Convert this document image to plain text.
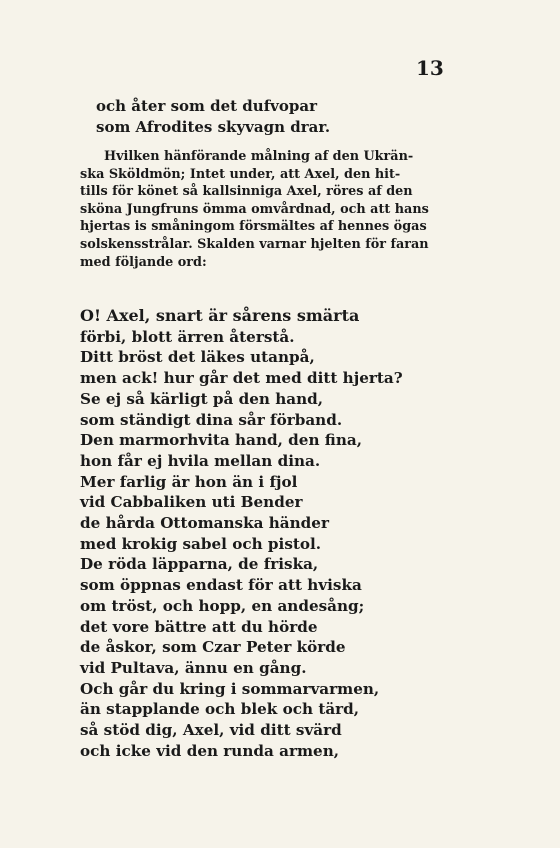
13
och åter som det dufvopar
som Afrodites skyvagn drar.
Hvilken hänförande målning af den Ukrän-
ska Sköldmön; Intet under, att Axel, den hit-
tills för könet så kallsinniga Axel, röres af den
sköna Jungfruns ömma omvårdnad, och att hans
hjertas is småningom försmältes af hennes ögas
solskensstrålar. Skalden varnar hjelten för faran
med följande ord:
O! Axel, snart är sårens smärta
förbi, blott ärren återstå.
Ditt bröst det läkes utanpå,
men ack! hur går det med ditt hjerta?
Se ej så kärligt på den hand,
som ständigt dina sår förband.
Den marmorhvita hand, den fina,
hon får ej hvila mellan dina.
Mer farlig är hon än i fjol
vid Cabbaliken uti Bender
de hårda Ottomanska händer
med krokig sabel och pistol.
De röda läpparna, de friska,
som öppnas endast för att hviska
om tröst, och hopp, en andesång;
det vore bättre att du hörde
de åskor, som Czar Peter körde
vid Pultava, ännu en gång.
Och går du kring i sommarvarmen,
än stapplande och blek och tärd,
så stöd dig, Axel, vid ditt svärd
och icke vid den runda armen,
